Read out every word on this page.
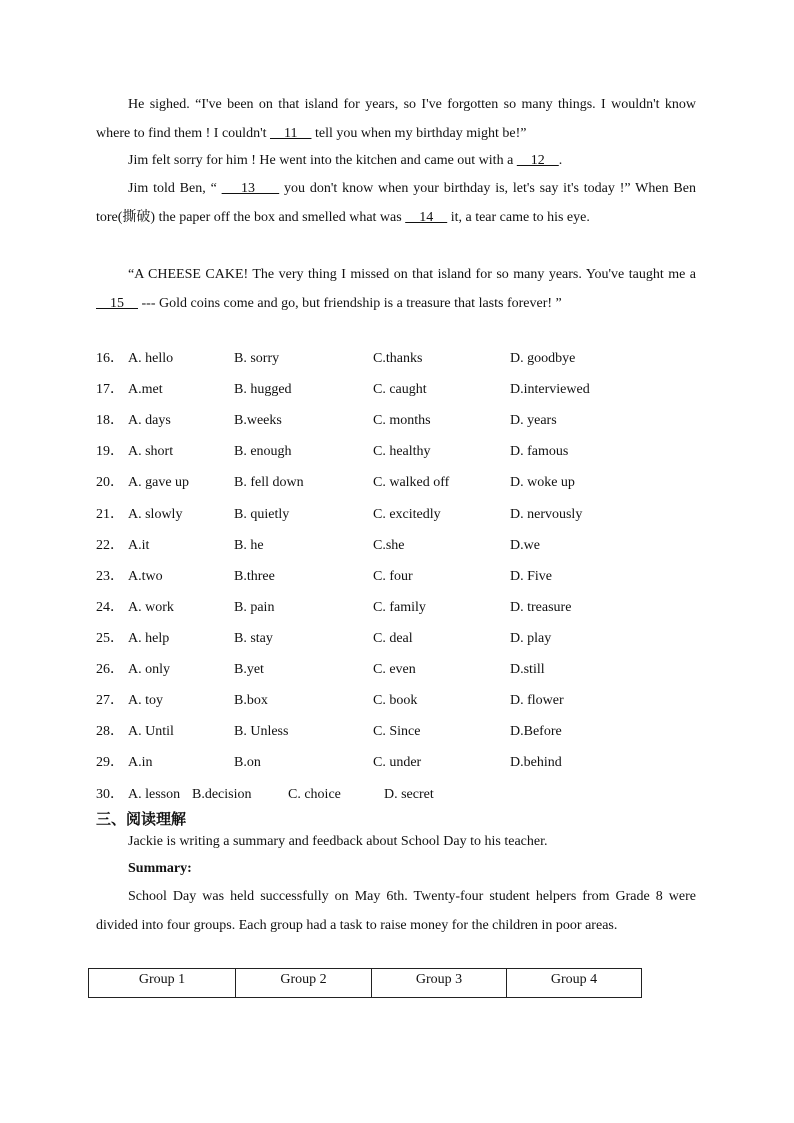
He sighed. “I've been on that island for years, so I've forgotten so many things. I wouldn't know where to find them ! I couldn't     11     tell you when my birthday might be!”

Jim felt sorry for him ! He went into the kitchen and came out with a     12    .

Jim told Ben, “     13      you don't know when your birthday is, let's say it's today !” When Ben tore(撕破) the paper off the box and smelled what was     14     it, a tear came to his eye.

“A CHEESE CAKE! The very thing I missed on that island for so many years. You've taught me a     15     --- Gold coins come and go, but friendship is a treasure that lasts forever! ”

16． A. hello	B. sorry	C.thanks	D. goodbye
17． A.met	B. hugged	C. caught	D.interviewed
18． A. days	B.weeks	C. months	D. years
19． A. short	B. enough	C. healthy	D. famous
20． A. gave up	B. fell down	C. walked off	D. woke up
21． A. slowly	B. quietly	C. excitedly	D. nervously
22． A.it	B. he	C.she	D.we
23． A.two	B.three	C. four	D. Five
24． A. work	B. pain	C. family	D. treasure
25． A. help	B. stay	C. deal	D. play
26． A. only	B.yet	C. even	D.still
27． A. toy	B.box	C. book	D. flower
28． A. Until	B. Unless	C. Since	D.Before
29． A.in	B.on	C. under	D.behind
30． A. lesson B.decision	C. choice	D. secret
三、阅读理解

Jackie is writing a summary and feedback about School Day to his teacher.

Summary:

School Day was held successfully on May 6th. Twenty-four student helpers from Grade 8 were divided into four groups. Each group had a task to raise money for the children in poor areas.

Group 1	Group 2	Group 3	Group 4
